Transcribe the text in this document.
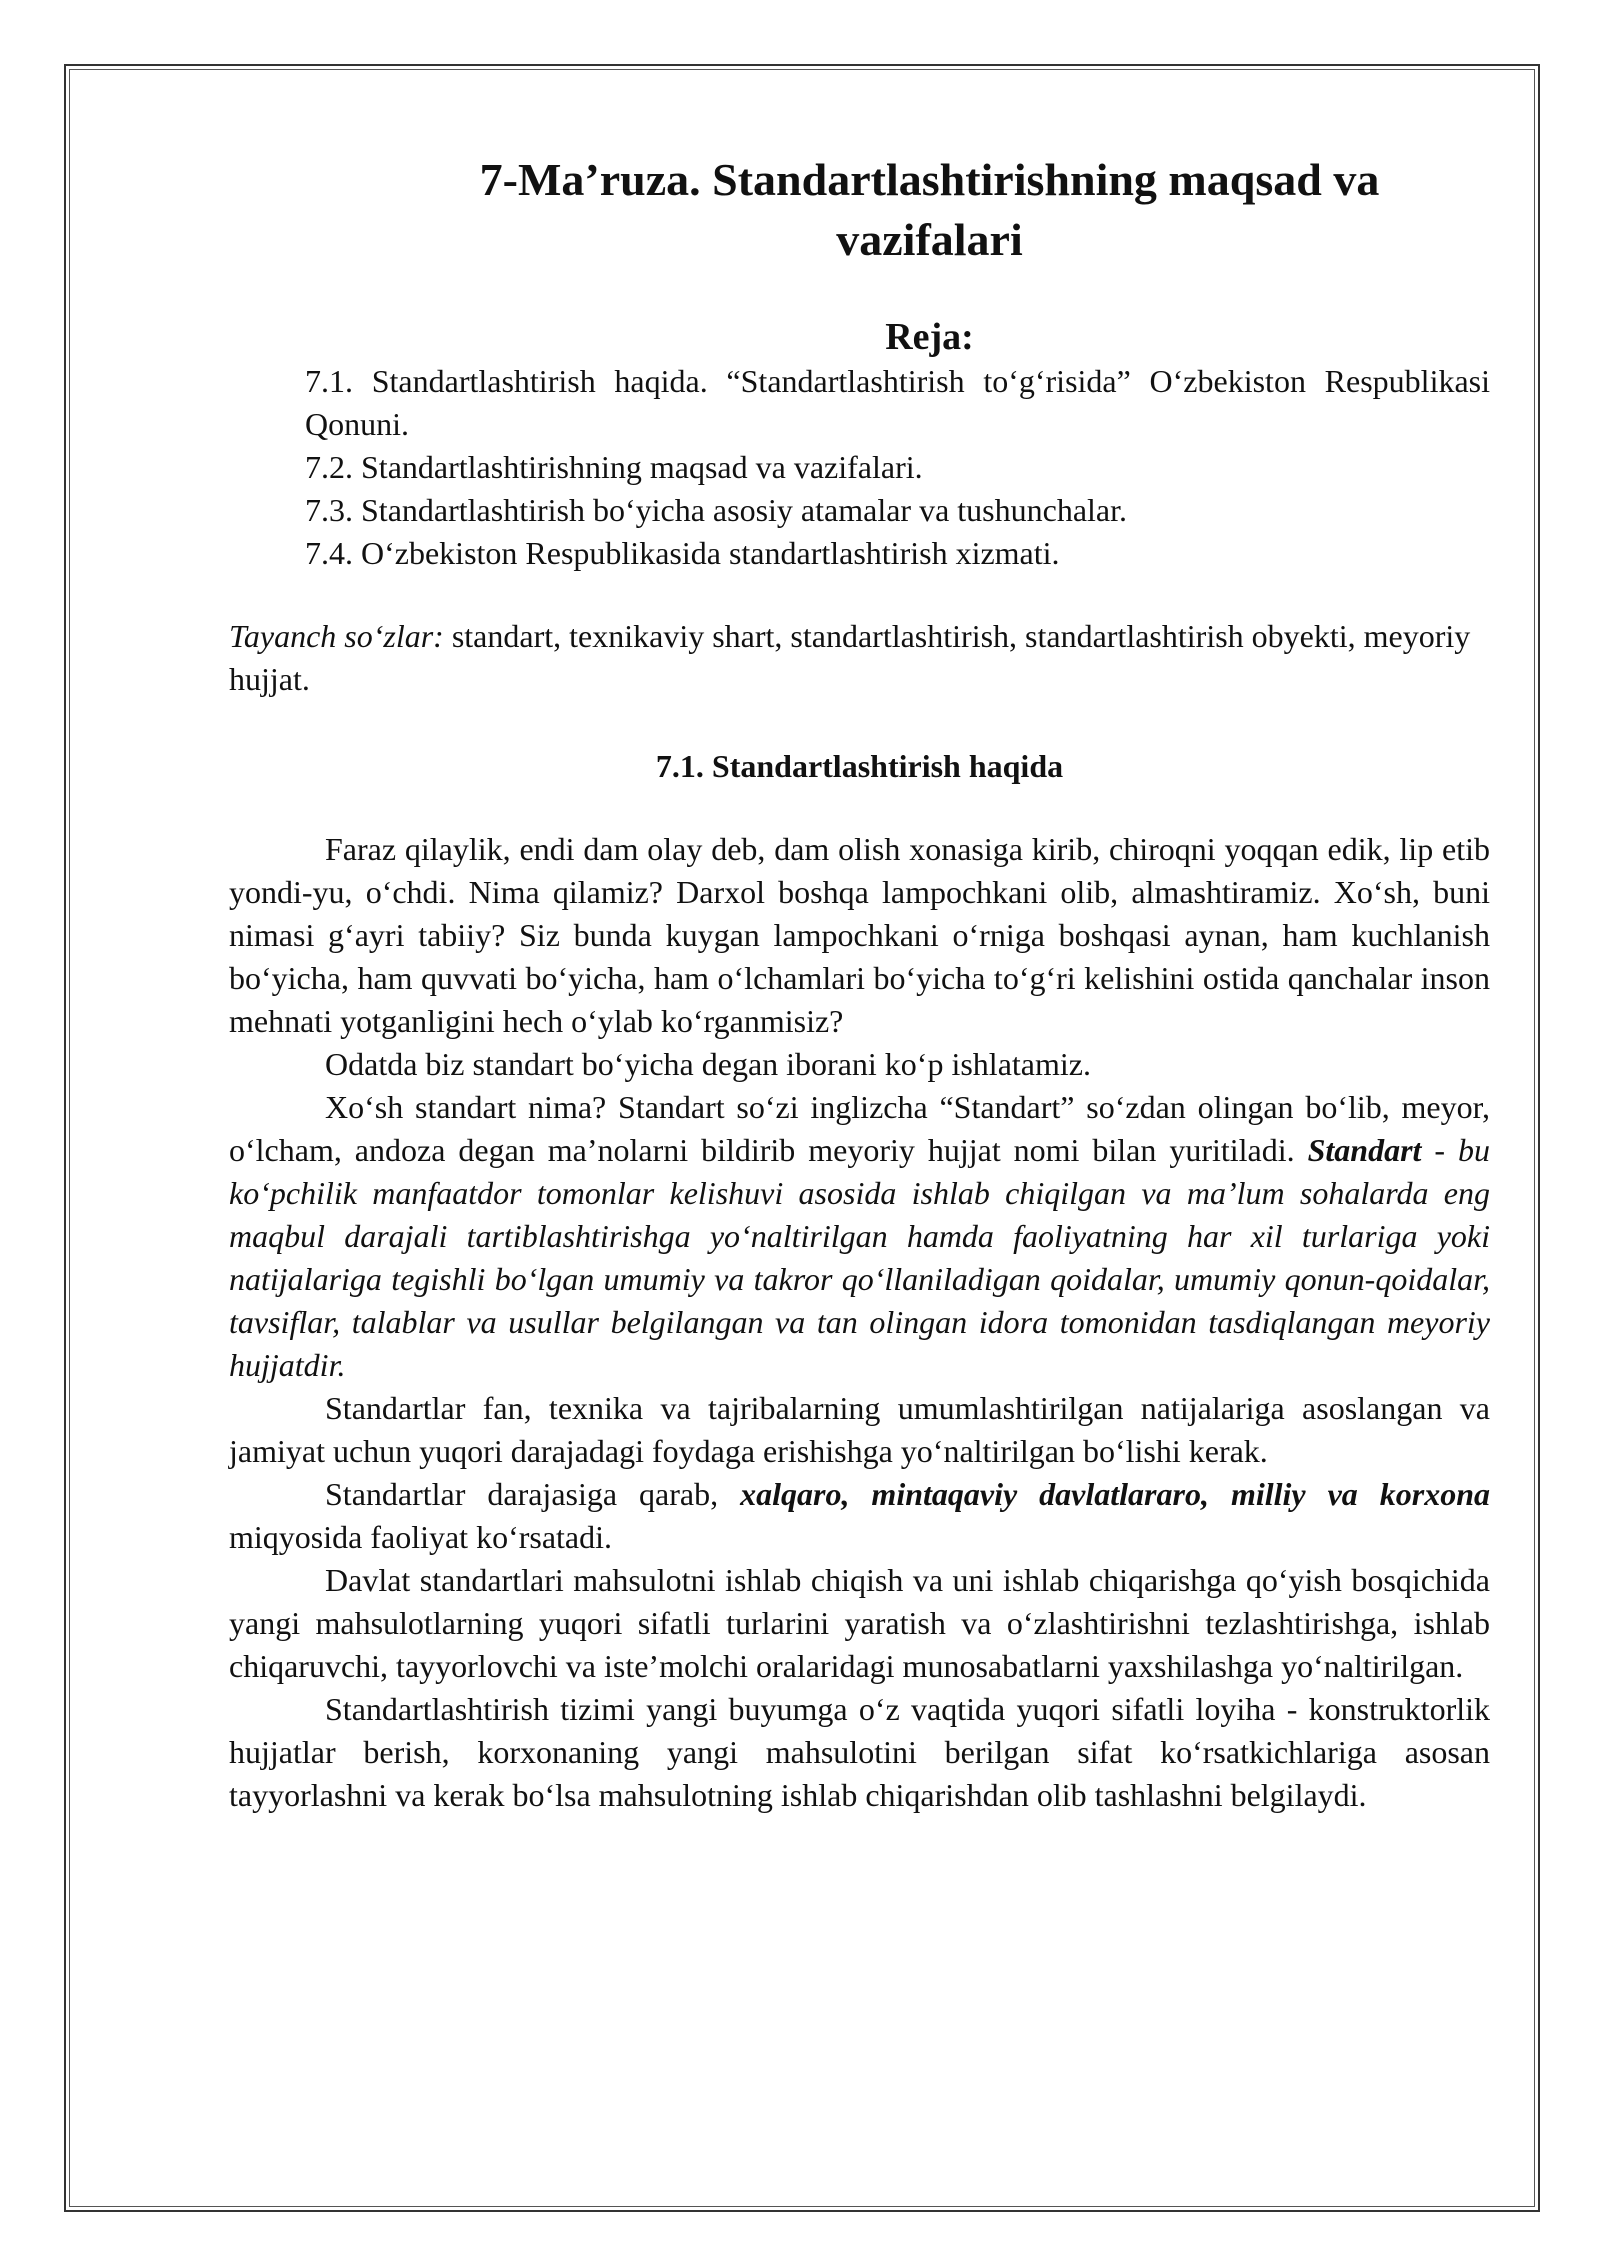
7-Ma’ruza. Standartlashtirishning maqsad va
vazifalari
Reja:
7.1. Standartlashtirish haqida. “Standartlashtirish to‘g‘risida” O‘zbekiston Respublikasi Qonuni.
7.2. Standartlashtirishning maqsad va vazifalari.
7.3. Standartlashtirish bo‘yicha asosiy atamalar va tushunchalar.
7.4. O‘zbekiston Respublikasida standartlashtirish xizmati.

Tayanch so‘zlar: standart, texnikaviy shart, standartlashtirish, standartlashtirish obyekti, meyoriy hujjat.

7.1. Standartlashtirish haqida

Faraz qilaylik, endi dam olay deb, dam olish xonasiga kirib, chiroqni yoqqan edik, lip etib yondi-yu, o‘chdi. Nima qilamiz? Darxol boshqa lampochkani olib, almashtiramiz. Xo‘sh, buni nimasi g‘ayri tabiiy? Siz bunda kuygan lampochkani o‘rniga boshqasi aynan, ham kuchlanish bo‘yicha, ham quvvati bo‘yicha, ham o‘lchamlari bo‘yicha to‘g‘ri kelishini ostida qanchalar inson mehnati yotganligini hech o‘ylab ko‘rganmisiz?

Odatda biz standart bo‘yicha degan iborani ko‘p ishlatamiz.

Xo‘sh standart nima? Standart so‘zi inglizcha “Standart” so‘zdan olingan bo‘lib, meyor, o‘lcham, andoza degan ma’nolarni bildirib meyoriy hujjat nomi bilan yuritiladi. Standart - bu ko‘pchilik manfaatdor tomonlar kelishuvi asosida ishlab chiqilgan va ma’lum sohalarda eng maqbul darajali tartiblashtirishga yo‘naltirilgan hamda faoliyatning har xil turlariga yoki natijalariga tegishli bo‘lgan umumiy va takror qo‘llaniladigan qoidalar, umumiy qonun-qoidalar, tavsiflar, talablar va usullar belgilangan va tan olingan idora tomonidan tasdiqlangan meyoriy hujjatdir.

Standartlar fan, texnika va tajribalarning umumlashtirilgan natijalariga asoslangan va jamiyat uchun yuqori darajadagi foydaga erishishga yo‘naltirilgan bo‘lishi kerak.

Standartlar darajasiga qarab, xalqaro, mintaqaviy davlatlararo, milliy va korxona miqyosida faoliyat ko‘rsatadi.

Davlat standartlari mahsulotni ishlab chiqish va uni ishlab chiqarishga qo‘yish bosqichida yangi mahsulotlarning yuqori sifatli turlarini yaratish va o‘zlashtirishni tezlashtirishga, ishlab chiqaruvchi, tayyorlovchi va iste’molchi oralaridagi munosabatlarni yaxshilashga yo‘naltirilgan.

Standartlashtirish tizimi yangi buyumga o‘z vaqtida yuqori sifatli loyiha - konstruktorlik hujjatlar berish, korxonaning yangi mahsulotini berilgan sifat ko‘rsatkichlariga asosan tayyorlashni va kerak bo‘lsa mahsulotning ishlab chiqarishdan olib tashlashni belgilaydi.
